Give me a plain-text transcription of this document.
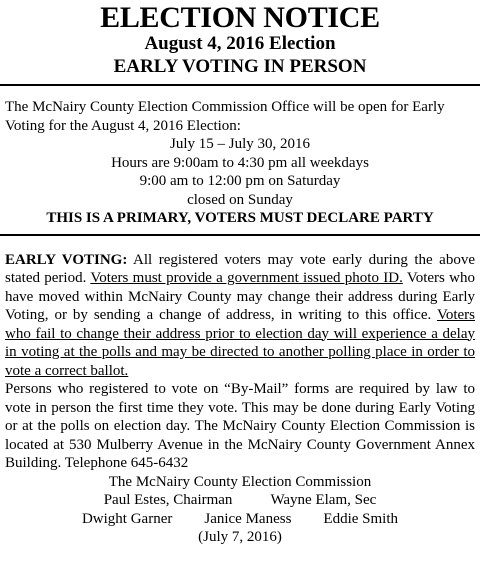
ELECTION NOTICE
August 4, 2016 Election
EARLY VOTING IN PERSON

The McNairy County Election Commission Office will be open for Early Voting for the August 4, 2016 Election:

July 15 – July 30, 2016
Hours are 9:00am to 4:30 pm all weekdays
9:00 am to 12:00 pm on Saturday
closed on Sunday
THIS IS A PRIMARY, VOTERS MUST DECLARE PARTY

EARLY VOTING: All registered voters may vote early during the above stated period. Voters must provide a government issued photo ID. Voters who have moved within McNairy County may change their address during Early Voting, or by sending a change of address, in writing to this office. Voters who fail to change their address prior to election day will experience a delay in voting at the polls and may be directed to another polling place in order to vote a correct ballot.

Persons who registered to vote on “By-Mail” forms are required by law to vote in person the first time they vote. This may be done during Early Voting or at the polls on election day. The McNairy County Election Commission is located at 530 Mulberry Avenue in the McNairy County Government Annex Building. Telephone 645-6432

The McNairy County Election Commission
Paul Estes, Chairman	Wayne Elam, Sec
Dwight Garner Janice Maness Eddie Smith
(July 7, 2016)
